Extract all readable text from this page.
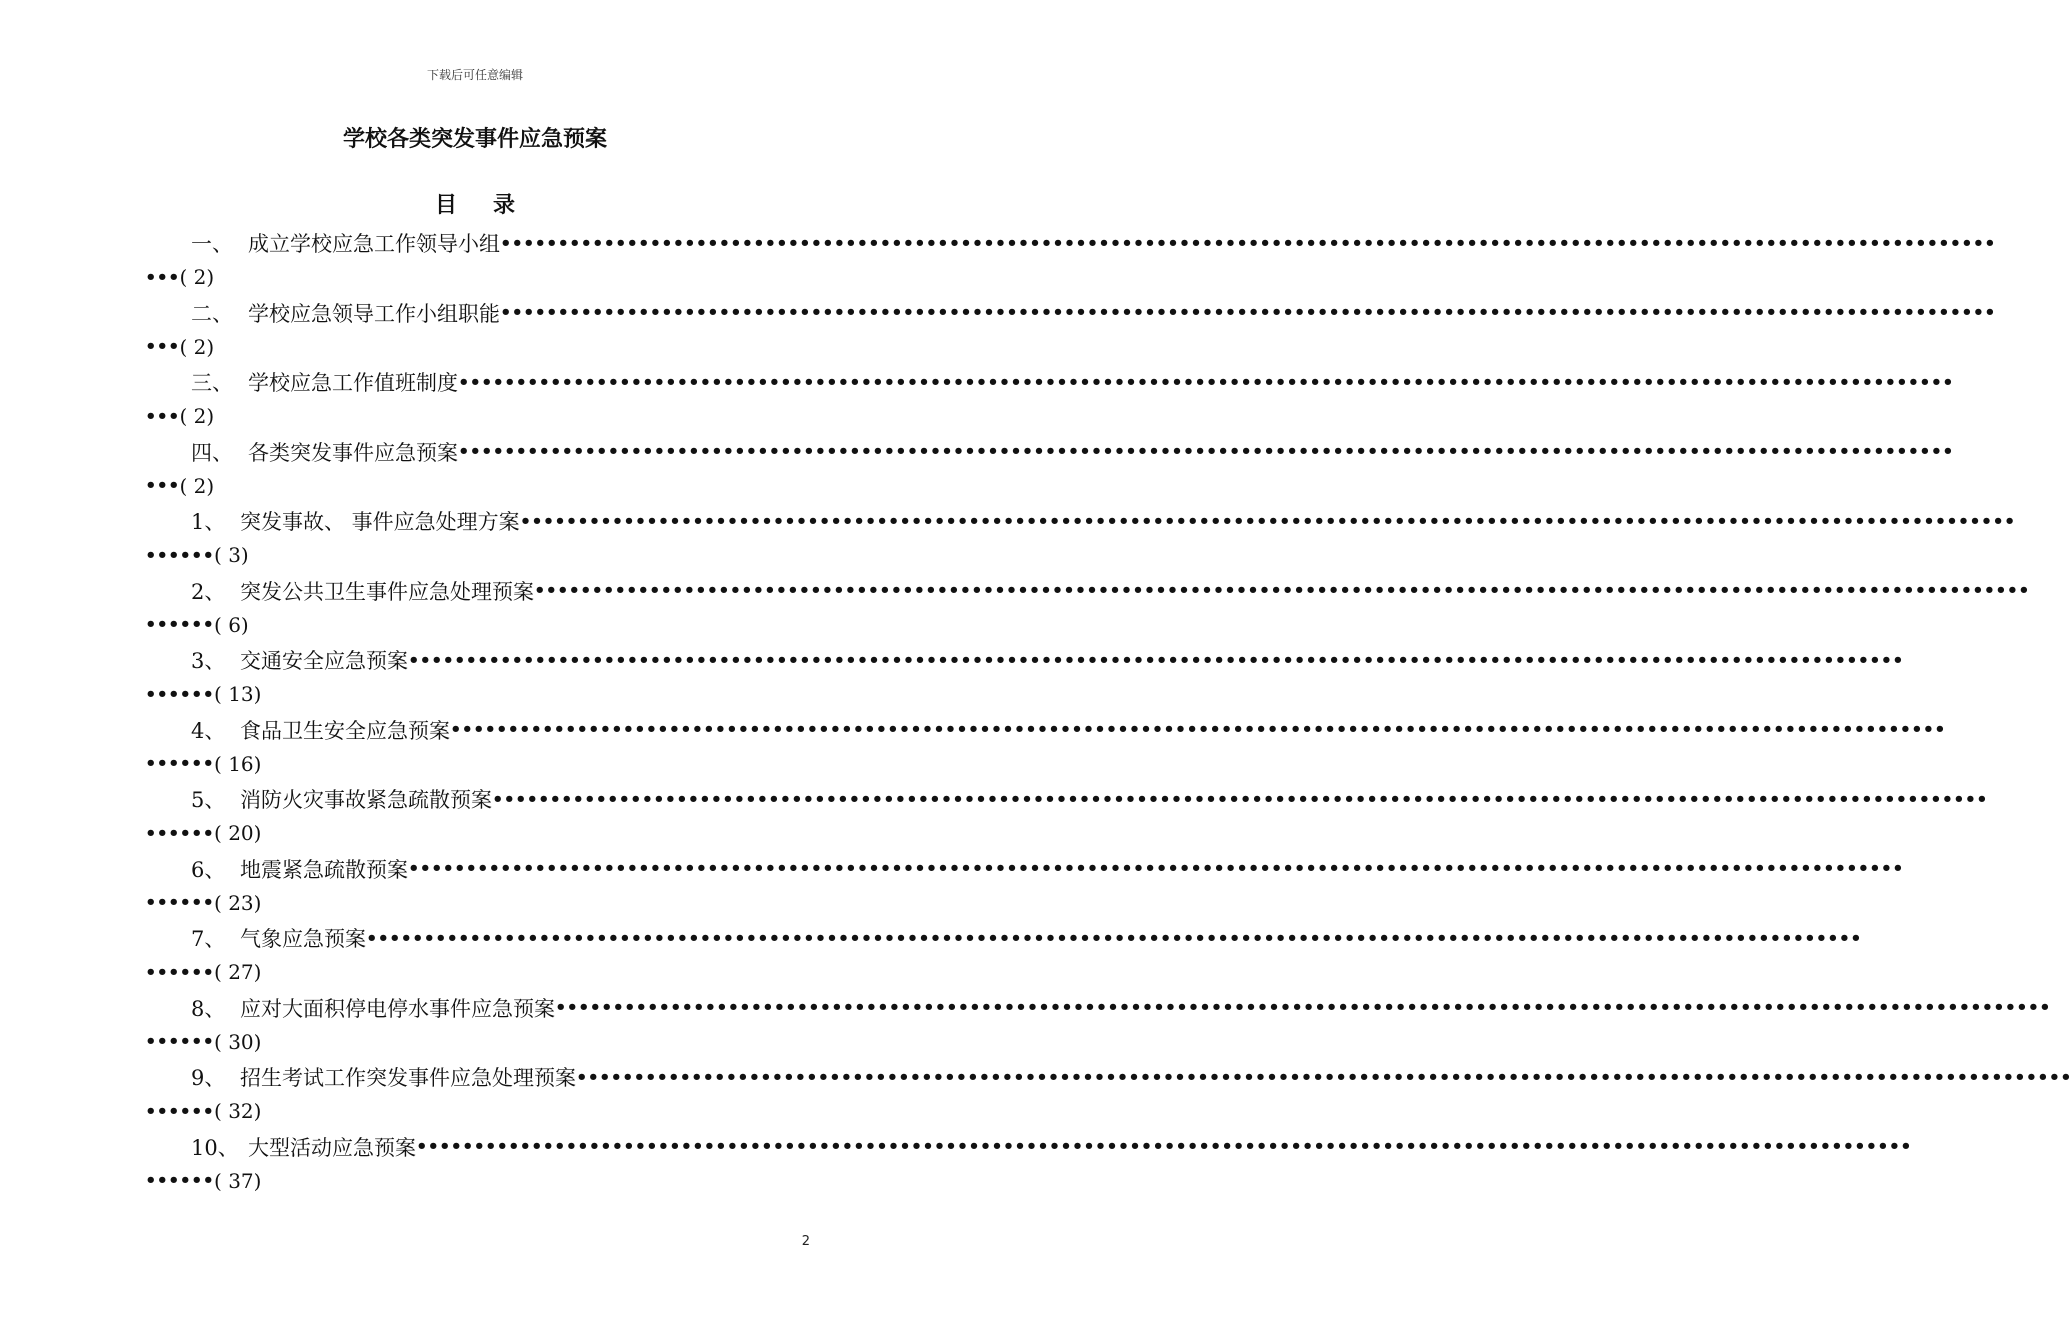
下载后可任意编辑
学校各类突发事件应急预案
目录
一、 成立学校应急工作领导小组 ••••••••••••••••••••••••••••••••••••••••••••••••••••••••••••••••••••••••••••••••••••••••••••••••••••••••••••••••••••••••••••••••••
••• ( 2)
二、 学校应急领导工作小组职能 ••••••••••••••••••••••••••••••••••••••••••••••••••••••••••••••••••••••••••••••••••••••••••••••••••••••••••••••••••••••••••••••••••
••• ( 2)
三、 学校应急工作值班制度 ••••••••••••••••••••••••••••••••••••••••••••••••••••••••••••••••••••••••••••••••••••••••••••••••••••••••••••••••••••••••••••••••••
••• ( 2)
四、 各类突发事件应急预案 ••••••••••••••••••••••••••••••••••••••••••••••••••••••••••••••••••••••••••••••••••••••••••••••••••••••••••••••••••••••••••••••••••
••• ( 2)
1、 突发事故、 事件应急处理方案 ••••••••••••••••••••••••••••••••••••••••••••••••••••••••••••••••••••••••••••••••••••••••••••••••••••••••••••••••••••••••••••••••••
•••••• ( 3)
2、 突发公共卫生事件应急处理预案 ••••••••••••••••••••••••••••••••••••••••••••••••••••••••••••••••••••••••••••••••••••••••••••••••••••••••••••••••••••••••••••••••••
•••••• ( 6)
3、 交通安全应急预案 ••••••••••••••••••••••••••••••••••••••••••••••••••••••••••••••••••••••••••••••••••••••••••••••••••••••••••••••••••••••••••••••••••
•••••• ( 13)
4、 食品卫生安全应急预案 ••••••••••••••••••••••••••••••••••••••••••••••••••••••••••••••••••••••••••••••••••••••••••••••••••••••••••••••••••••••••••••••••••
•••••• ( 16)
5、 消防火灾事故紧急疏散预案 ••••••••••••••••••••••••••••••••••••••••••••••••••••••••••••••••••••••••••••••••••••••••••••••••••••••••••••••••••••••••••••••••••
•••••• ( 20)
6、 地震紧急疏散预案 ••••••••••••••••••••••••••••••••••••••••••••••••••••••••••••••••••••••••••••••••••••••••••••••••••••••••••••••••••••••••••••••••••
•••••• ( 23)
7、 气象应急预案 ••••••••••••••••••••••••••••••••••••••••••••••••••••••••••••••••••••••••••••••••••••••••••••••••••••••••••••••••••••••••••••••••••
•••••• ( 27)
8、 应对大面积停电停水事件应急预案 ••••••••••••••••••••••••••••••••••••••••••••••••••••••••••••••••••••••••••••••••••••••••••••••••••••••••••••••••••••••••••••••••••
•••••• ( 30)
9、 招生考试工作突发事件应急处理预案 ••••••••••••••••••••••••••••••••••••••••••••••••••••••••••••••••••••••••••••••••••••••••••••••••••••••••••••••••••••••••••••••••••
•••••• ( 32)
10、 大型活动应急预案 ••••••••••••••••••••••••••••••••••••••••••••••••••••••••••••••••••••••••••••••••••••••••••••••••••••••••••••••••••••••••••••••••••
•••••• ( 37)
2
